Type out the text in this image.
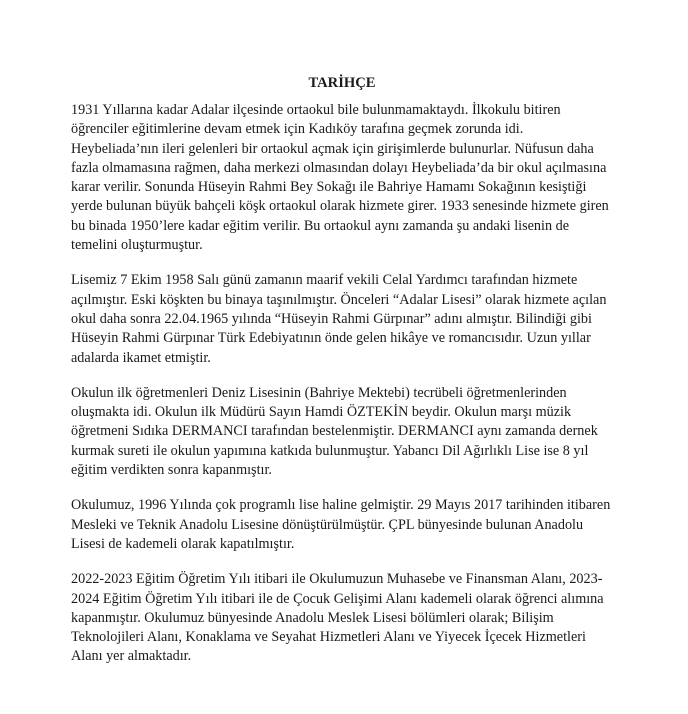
TARİHÇE

1931 Yıllarına kadar Adalar ilçesinde ortaokul bile bulunmamaktaydı. İlkokulu bitiren öğrenciler eğitimlerine devam etmek için Kadıköy tarafına geçmek zorunda idi. Heybeliada’nın ileri gelenleri bir ortaokul açmak için girişimlerde bulunurlar. Nüfusun daha fazla olmamasına rağmen, daha merkezi olmasından dolayı Heybeliada’da bir okul açılmasına karar verilir. Sonunda Hüseyin Rahmi Bey Sokağı ile Bahriye Hamamı Sokağının kesiştiği yerde bulunan büyük bahçeli köşk ortaokul olarak hizmete girer. 1933 senesinde hizmete giren bu binada 1950’lere kadar eğitim verilir. Bu ortaokul aynı zamanda şu andaki lisenin de temelini oluşturmuştur.

Lisemiz 7 Ekim 1958 Salı günü zamanın maarif vekili Celal Yardımcı tarafından hizmete açılmıştır. Eski köşkten bu binaya taşınılmıştır. Önceleri “Adalar Lisesi” olarak hizmete açılan okul daha sonra 22.04.1965 yılında “Hüseyin Rahmi Gürpınar” adını almıştır. Bilindiği gibi Hüseyin Rahmi Gürpınar Türk Edebiyatının önde gelen hikâye ve romancısıdır. Uzun yıllar adalarda ikamet etmiştir.

Okulun ilk öğretmenleri Deniz Lisesinin (Bahriye Mektebi) tecrübeli öğretmenlerinden oluşmakta idi. Okulun ilk Müdürü Sayın Hamdi ÖZTEKİN beydir. Okulun marşı müzik öğretmeni Sıdıka DERMANCI tarafından bestelenmiştir. DERMANCI aynı zamanda dernek kurmak sureti ile okulun yapımına katkıda bulunmuştur. Yabancı Dil Ağırlıklı Lise ise 8 yıl eğitim verdikten sonra kapanmıştır.

Okulumuz, 1996 Yılında çok programlı lise haline gelmiştir. 29 Mayıs 2017 tarihinden itibaren Mesleki ve Teknik Anadolu Lisesine dönüştürülmüştür. ÇPL bünyesinde bulunan Anadolu Lisesi de kademeli olarak kapatılmıştır.

2022-2023 Eğitim Öğretim Yılı itibari ile Okulumuzun Muhasebe ve Finansman Alanı, 2023-2024 Eğitim Öğretim Yılı itibari ile de Çocuk Gelişimi Alanı kademeli olarak öğrenci alımına kapanmıştır. Okulumuz bünyesinde Anadolu Meslek Lisesi bölümleri olarak; Bilişim Teknolojileri Alanı, Konaklama ve Seyahat Hizmetleri Alanı ve Yiyecek İçecek Hizmetleri Alanı yer almaktadır.
